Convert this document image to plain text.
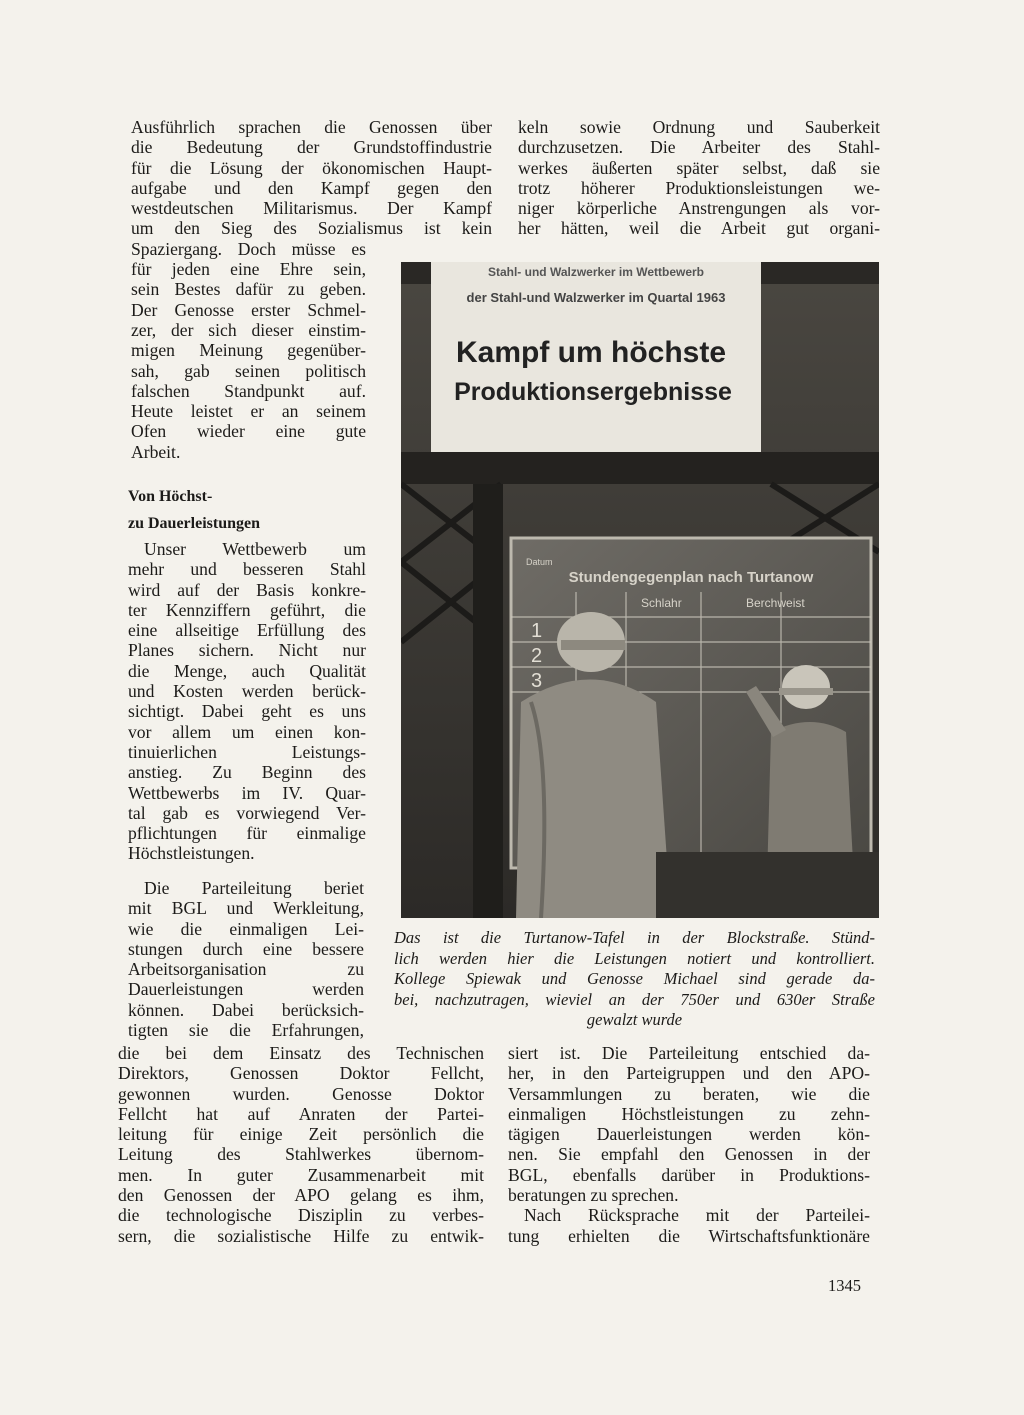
Ausführlich sprachen die Genossen über
die Bedeutung der Grundstoffindustrie
für die Lösung der ökonomischen Haupt-
aufgabe und den Kampf gegen den
westdeutschen Militarismus. Der Kampf
um den Sieg des Sozialismus ist kein
Spaziergang. Doch müsse es
für jeden eine Ehre sein,
sein Bestes dafür zu geben.
Der Genosse erster Schmel-
zer, der sich dieser einstim-
migen Meinung gegenüber-
sah, gab seinen politisch
falschen Standpunkt auf.
Heute leistet er an seinem
Ofen wieder eine gute
Arbeit.
Von Höchst-
zu Dauerleistungen
Unser Wettbewerb um
mehr und besseren Stahl
wird auf der Basis konkre-
ter Kennziffern geführt, die
eine allseitige Erfüllung des
Planes sichern. Nicht nur
die Menge, auch Qualität
und Kosten werden berück-
sichtigt. Dabei geht es uns
vor allem um einen kon-
tinuierlichen Leistungs-
anstieg. Zu Beginn des
Wettbewerbs im IV. Quar-
tal gab es vorwiegend Ver-
pflichtungen für einmalige
Höchstleistungen.
Die Parteileitung beriet
mit BGL und Werkleitung,
wie die einmaligen Lei-
stungen durch eine bessere
Arbeitsorganisation zu
Dauerleistungen werden
können. Dabei berücksich-
tigten sie die Erfahrungen,
die bei dem Einsatz des Technischen
Direktors, Genossen Doktor Fellcht,
gewonnen wurden. Genosse Doktor
Fellcht hat auf Anraten der Partei-
leitung für einige Zeit persönlich die
Leitung des Stahlwerkes übernom-
men. In guter Zusammenarbeit mit
den Genossen der APO gelang es ihm,
die technologische Disziplin zu verbes-
sern, die sozialistische Hilfe zu entwik-
keln sowie Ordnung und Sauberkeit
durchzusetzen. Die Arbeiter des Stahl-
werkes äußerten später selbst, daß sie
trotz höherer Produktionsleistungen we-
niger körperliche Anstrengungen als vor-
her hätten, weil die Arbeit gut organi-
Stahl- und Walzwerker im Wettbewerb
der Stahl-und Walzwerker im Quartal 1963
Kampf um höchste
Produktionsergebnisse
Stundengegenplan nach Turtanow
Datum
Schlahr	Berchweist
1
2
3
Das ist die Turtanow-Tafel in der Blockstraße. Stünd-
lich werden hier die Leistungen notiert und kontrolliert.
Kollege Spiewak und Genosse Michael sind gerade da-
bei, nachzutragen, wieviel an der 750er und 630er Straße
gewalzt wurde
siert ist. Die Parteileitung entschied da-
her, in den Parteigruppen und den APO-
Versammlungen zu beraten, wie die
einmaligen Höchstleistungen zu zehn-
tägigen Dauerleistungen werden kön-
nen. Sie empfahl den Genossen in der
BGL, ebenfalls darüber in Produktions-
beratungen zu sprechen.
Nach Rücksprache mit der Parteilei-
tung erhielten die Wirtschaftsfunktionäre
1345
